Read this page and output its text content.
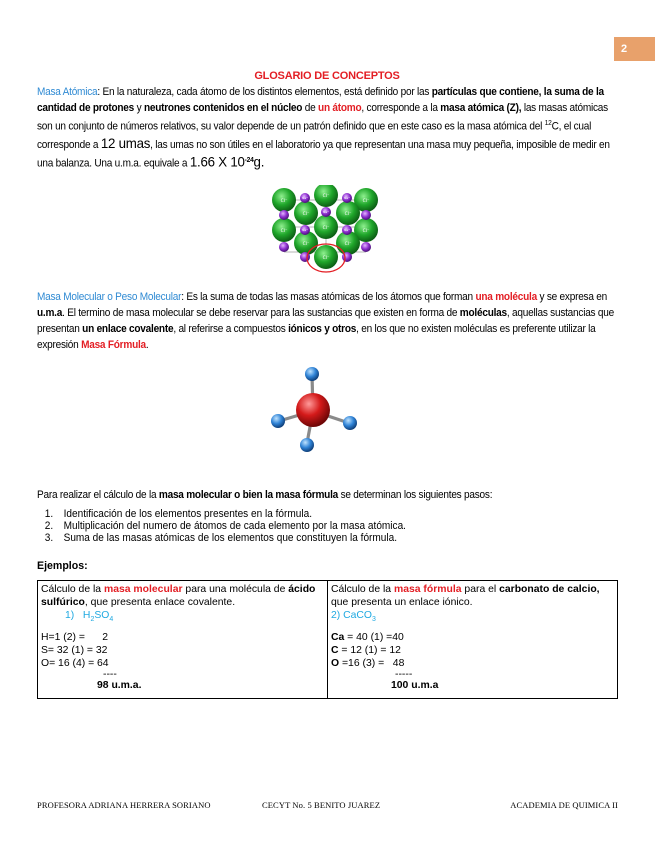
2
GLOSARIO DE CONCEPTOS

Masa Atómica: En la naturaleza, cada átomo de los distintos elementos, está definido por las partículas que contiene, la suma de la cantidad de protones y neutrones contenidos en el núcleo de un átomo, corresponde a la masa atómica (Z), las masas atómicas son un conjunto de números relativos, su valor depende de un patrón definido que en este caso es la masa atómica del $^{12}$C, el cual corresponde a 12 umas, las umas no son útiles en el laboratorio ya que representan una masa muy pequeña, imposible de medir en una balanza. Una u.m.a. equivale a 1.66 X $10^{-24}g$.

Cl⁻
Cl⁻
Cl⁻
Cl⁻	Cl⁻
Cl⁻
Cl⁻
Cl⁻
Cl⁻	Cl⁻
Cl⁻
Na⁺	Na⁺
Na⁺
Na⁺	Na⁺

Masa Molecular o Peso Molecular: Es la suma de todas las masas atómicas de los átomos que forman una molécula y se expresa en u.m.a. El termino de masa molecular se debe reservar para las sustancias que existen en forma de moléculas, aquellas sustancias que presentan un enlace covalente, al referirse a compuestos iónicos y otros, en los que no existen moléculas es preferente utilizar la expresión Masa Fórmula.

Para realizar el cálculo de la masa molecular o bien la masa fórmula se determinan los siguientes pasos:

1. Identificación de los elementos presentes en la fórmula.
2. Multiplicación del numero de átomos de cada elemento por la masa atómica.
3. Suma de las masas atómicas de los elementos que constituyen la fórmula.

Ejemplos:

Cálculo de la masa molecular para una molécula de ácido sulfúrico, que presenta enlace covalente.
1) $H_2SO_4$
H=1 (2) =      2
S= 32 (1) = 32
O= 16 (4) = 64
----
98 u.m.a.

Cálculo de la masa fórmula para el carbonato de calcio, que presenta un enlace iónico.
2) CaCO$_3$
Ca = 40 (1) =40
C = 12 (1) = 12
O =16 (3) =   48
-----
100 u.m.a
PROFESORA ADRIANA HERRERA SORIANO	CECYT No. 5 BENITO JUAREZ	ACADEMIA DE QUIMICA II
